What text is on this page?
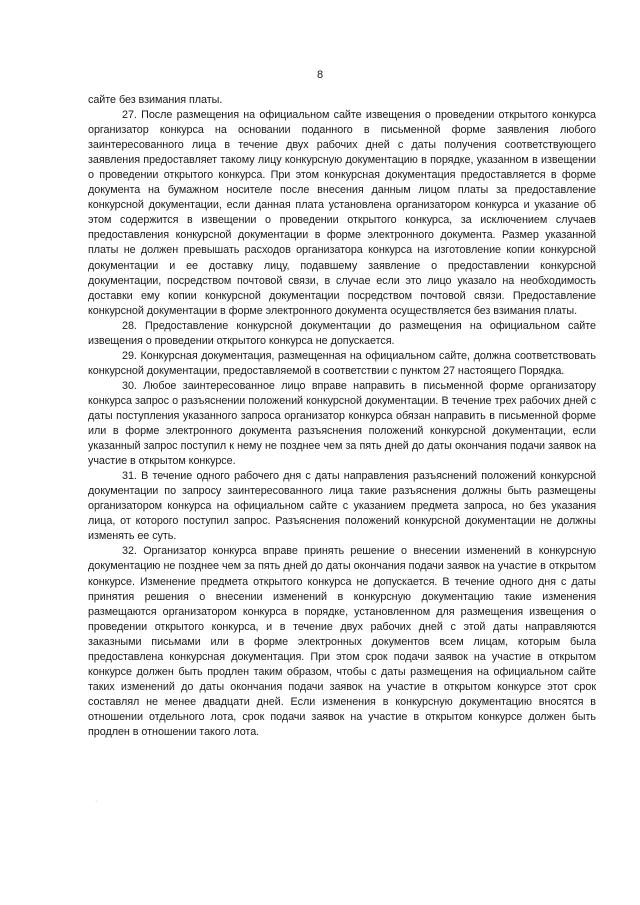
8

сайте без взимания платы.

27. После размещения на официальном сайте извещения о проведении открытого конкурса организатор конкурса на основании поданного в письменной форме заявления любого заинтересованного лица в течение двух рабочих дней с даты получения соответствующего заявления предоставляет такому лицу конкурсную документацию в порядке, указанном в извещении о проведении открытого конкурса. При этом конкурсная документация предоставляется в форме документа на бумажном носителе после внесения данным лицом платы за предоставление конкурсной документации, если данная плата установлена организатором конкурса и указание об этом содержится в извещении о проведении открытого конкурса, за исключением случаев предоставления конкурсной документации в форме электронного документа. Размер указанной платы не должен превышать расходов организатора конкурса на изготовление копии конкурсной документации и ее доставку лицу, подавшему заявление о предоставлении конкурсной документации, посредством почтовой связи, в случае если это лицо указало на необходимость доставки ему копии конкурсной документации посредством почтовой связи. Предоставление конкурсной документации в форме электронного документа осуществляется без взимания платы.

28. Предоставление конкурсной документации до размещения на официальном сайте извещения о проведении открытого конкурса не допускается.

29. Конкурсная документация, размещенная на официальном сайте, должна соответствовать конкурсной документации, предоставляемой в соответствии с пунктом 27 настоящего Порядка.

30. Любое заинтересованное лицо вправе направить в письменной форме организатору конкурса запрос о разъяснении положений конкурсной документации. В течение трех рабочих дней с даты поступления указанного запроса организатор конкурса обязан направить в письменной форме или в форме электронного документа разъяснения положений конкурсной документации, если указанный запрос поступил к нему не позднее чем за пять дней до даты окончания подачи заявок на участие в открытом конкурсе.

31. В течение одного рабочего дня с даты направления разъяснений положений конкурсной документации по запросу заинтересованного лица такие разъяснения должны быть размещены организатором конкурса на официальном сайте с указанием предмета запроса, но без указания лица, от которого поступил запрос. Разъяснения положений конкурсной документации не должны изменять ее суть.

32. Организатор конкурса вправе принять решение о внесении изменений в конкурсную документацию не позднее чем за пять дней до даты окончания подачи заявок на участие в открытом конкурсе. Изменение предмета открытого конкурса не допускается. В течение одного дня с даты принятия решения о внесении изменений в конкурсную документацию такие изменения размещаются организатором конкурса в порядке, установленном для размещения извещения о проведении открытого конкурса, и в течение двух рабочих дней с этой даты направляются заказными письмами или в форме электронных документов всем лицам, которым была предоставлена конкурсная документация. При этом срок подачи заявок на участие в открытом конкурсе должен быть продлен таким образом, чтобы с даты размещения на официальном сайте таких изменений до даты окончания подачи заявок на участие в открытом конкурсе этот срок составлял не менее двадцати дней. Если изменения в конкурсную документацию вносятся в отношении отдельного лота, срок подачи заявок на участие в открытом конкурсе должен быть продлен в отношении такого лота.

·
